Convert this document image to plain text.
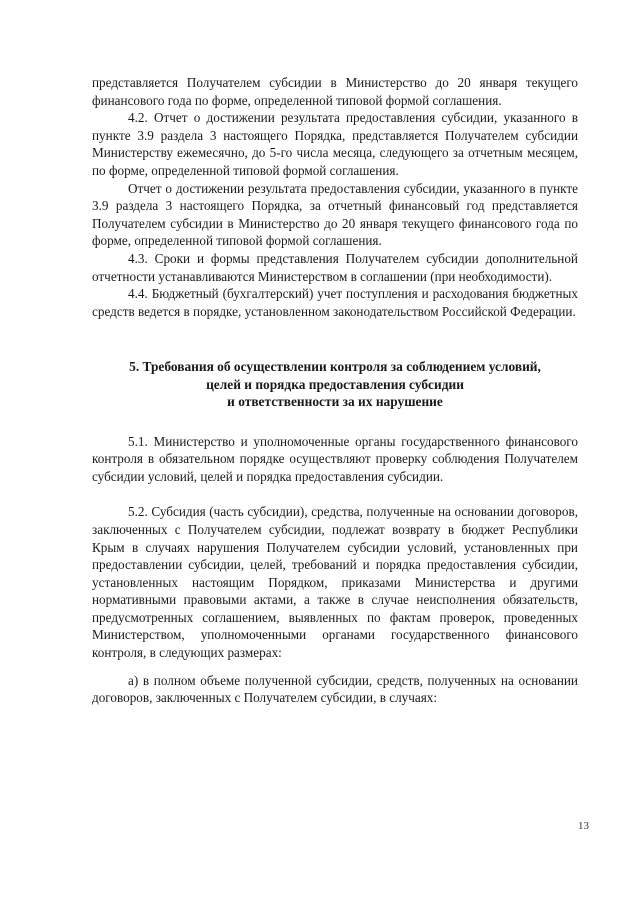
представляется Получателем субсидии в Министерство до 20 января текущего финансового года по форме, определенной типовой формой соглашения.

4.2. Отчет о достижении результата предоставления субсидии, указанного в пункте 3.9 раздела 3 настоящего Порядка, представляется Получателем субсидии Министерству ежемесячно, до 5-го числа месяца, следующего за отчетным месяцем, по форме, определенной типовой формой соглашения.

Отчет о достижении результата предоставления субсидии, указанного в пункте 3.9 раздела 3 настоящего Порядка, за отчетный финансовый год представляется Получателем субсидии в Министерство до 20 января текущего финансового года по форме, определенной типовой формой соглашения.

4.3. Сроки и формы представления Получателем субсидии дополнительной отчетности устанавливаются Министерством в соглашении (при необходимости).

4.4. Бюджетный (бухгалтерский) учет поступления и расходования бюджетных средств ведется в порядке, установленном законодательством Российской Федерации.

5. Требования об осуществлении контроля за соблюдением условий,
целей и порядка предоставления субсидии
и ответственности за их нарушение

5.1. Министерство и уполномоченные органы государственного финансового контроля в обязательном порядке осуществляют проверку соблюдения Получателем субсидии условий, целей и порядка предоставления субсидии.

5.2. Субсидия (часть субсидии), средства, полученные на основании договоров, заключенных с Получателем субсидии, подлежат возврату в бюджет Республики Крым в случаях нарушения Получателем субсидии условий, установленных при предоставлении субсидии, целей, требований и порядка предоставления субсидии, установленных настоящим Порядком, приказами Министерства и другими нормативными правовыми актами, а также в случае неисполнения обязательств, предусмотренных соглашением, выявленных по фактам проверок, проведенных Министерством, уполномоченными органами государственного финансового контроля, в следующих размерах:

а) в полном объеме полученной субсидии, средств, полученных на основании договоров, заключенных с Получателем субсидии, в случаях:

13
